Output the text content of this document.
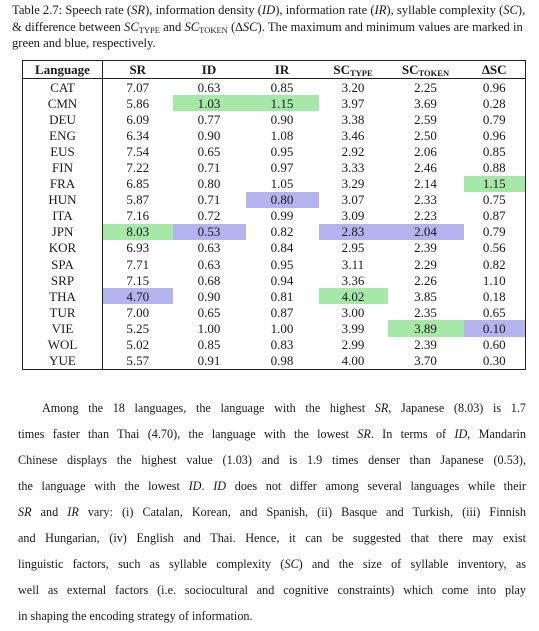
Table 2.7: Speech rate (SR), information density (ID), information rate (IR), syllable complexity (SC), & difference between $SC_{TYPE}$ and $SC_{TOKEN}$ (∆SC). The maximum and minimum values are marked in green and blue, respectively.
Language	SR	ID	IR	$SC_{TYPE}$	$SC_{TOKEN}$	∆SC
CAT	7.07	0.63	0.85	3.20	2.25	0.96
CMN	5.86	1.03	1.15	3.97	3.69	0.28
DEU	6.09	0.77	0.90	3.38	2.59	0.79
ENG	6.34	0.90	1.08	3.46	2.50	0.96
EUS	7.54	0.65	0.95	2.92	2.06	0.85
FIN	7.22	0.71	0.97	3.33	2.46	0.88
FRA	6.85	0.80	1.05	3.29	2.14	1.15
HUN	5.87	0.71	0.80	3.07	2.33	0.75
ITA	7.16	0.72	0.99	3.09	2.23	0.87
JPN	8.03	0.53	0.82	2.83	2.04	0.79
KOR	6.93	0.63	0.84	2.95	2.39	0.56
SPA	7.71	0.63	0.95	3.11	2.29	0.82
SRP	7.15	0.68	0.94	3.36	2.26	1.10
THA	4.70	0.90	0.81	4.02	3.85	0.18
TUR	7.00	0.65	0.87	3.00	2.35	0.65
VIE	5.25	1.00	1.00	3.99	3.89	0.10
WOL	5.02	0.85	0.83	2.99	2.39	0.60
YUE	5.57	0.91	0.98	4.00	3.70	0.30
Among the 18 languages, the language with the highest SR, Japanese (8.03) is 1.7
times faster than Thai (4.70), the language with the lowest SR. In terms of ID, Mandarin
Chinese displays the highest value (1.03) and is 1.9 times denser than Japanese (0.53),
the language with the lowest ID. ID does not differ among several languages while their
SR and IR vary: (i) Catalan, Korean, and Spanish, (ii) Basque and Turkish, (iii) Finnish
and Hungarian, (iv) English and Thai. Hence, it can be suggested that there may exist
linguistic factors, such as syllable complexity (SC) and the size of syllable inventory, as
well as external factors (i.e. sociocultural and cognitive constraints) which come into play
in shaping the encoding strategy of information.
